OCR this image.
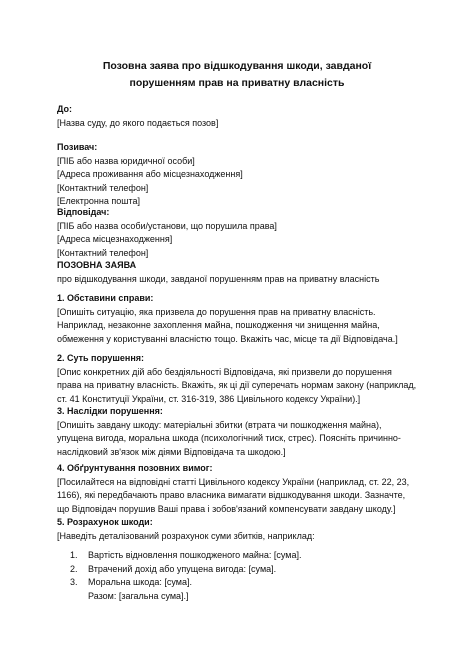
Позовна заява про відшкодування шкоди, завданої порушенням прав на приватну власність
До:
[Назва суду, до якого подається позов]
Позивач:
[ПІБ або назва юридичної особи]
[Адреса проживання або місцезнаходження]
[Контактний телефон]
[Електронна пошта]
Відповідач:
[ПІБ або назва особи/установи, що порушила права]
[Адреса місцезнаходження]
[Контактний телефон]
ПОЗОВНА ЗАЯВА
про відшкодування шкоди, завданої порушенням прав на приватну власність
1. Обставини справи:
[Опишіть ситуацію, яка призвела до порушення прав на приватну власність. Наприклад, незаконне захоплення майна, пошкодження чи знищення майна, обмеження у користуванні власністю тощо. Вкажіть час, місце та дії Відповідача.]
2. Суть порушення:
[Опис конкретних дій або бездіяльності Відповідача, які призвели до порушення права на приватну власність. Вкажіть, як ці дії суперечать нормам закону (наприклад, ст. 41 Конституції України, ст. 316-319, 386 Цивільного кодексу України).]
3. Наслідки порушення:
[Опишіть завдану шкоду: матеріальні збитки (втрата чи пошкодження майна), упущена вигода, моральна шкода (психологічний тиск, стрес). Поясніть причинно-наслідковий зв'язок між діями Відповідача та шкодою.]
4. Обґрунтування позовних вимог:
[Посилайтеся на відповідні статті Цивільного кодексу України (наприклад, ст. 22, 23, 1166), які передбачають право власника вимагати відшкодування шкоди. Зазначте, що Відповідач порушив Ваші права і зобов'язаний компенсувати завдану шкоду.]
5. Розрахунок шкоди:
[Наведіть деталізований розрахунок суми збитків, наприклад:
1. Вартість відновлення пошкодженого майна: [сума].
2. Втрачений дохід або упущена вигода: [сума].
3. Моральна шкода: [сума].
Разом: [загальна сума].]
